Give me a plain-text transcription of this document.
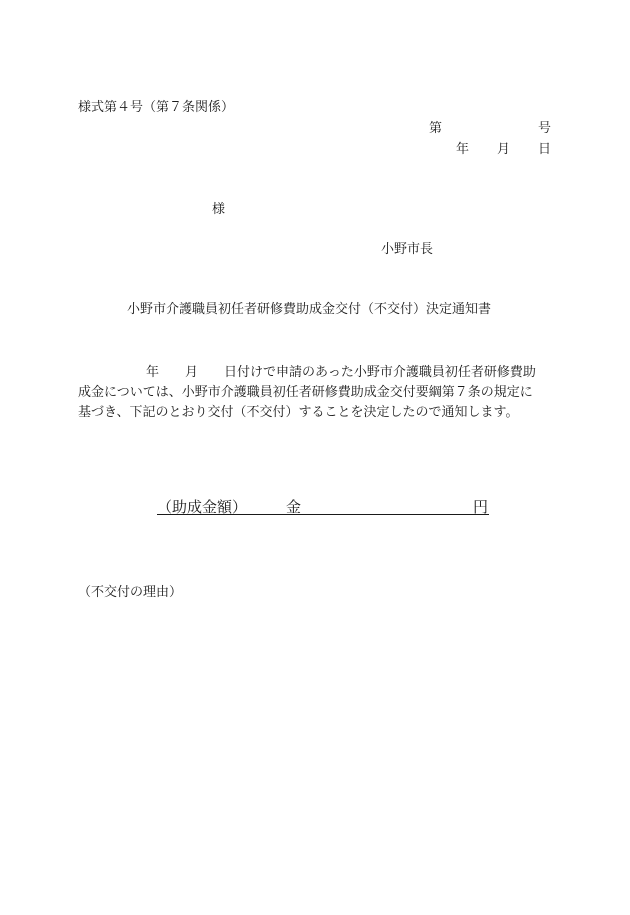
様式第４号（第７条関係）
第	号
年 月 日
様
小野市長
小野市介護職員初任者研修費助成金交付（不交付）決定通知書
年 月 日付けで申請のあった小野市介護職員初任者研修費助
成金については、小野市介護職員初任者研修費助成金交付要綱第７条の規定に
基づき、下記のとおり交付（不交付）することを決定したので通知します。
（助成金額）	金	円
（不交付の理由）
